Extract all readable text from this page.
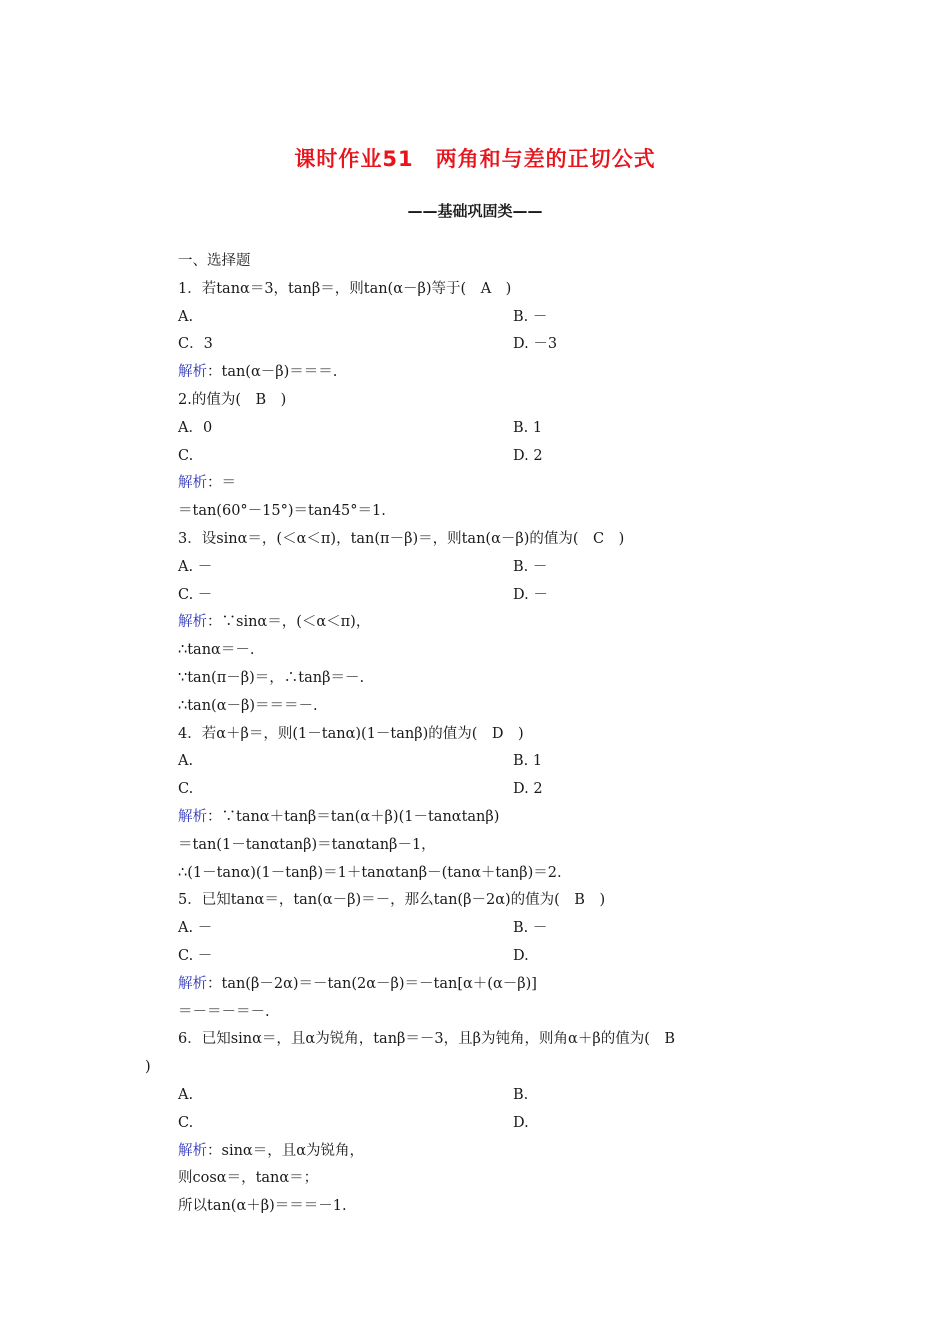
课时作业51　两角和与差的正切公式
——基础巩固类——
一、选择题
1．若tanα＝3，tanβ＝，则tan(α－β)等于(　A　)
A.	B. －
C．3	D. －3
解析：tan(α－β)＝＝＝.
2.的值为(　B　)
A．0	B. 1
C.	D. 2
解析：＝
＝tan(60°－15°)＝tan45°＝1.
3．设sinα＝，(＜α＜π)，tan(π－β)＝，则tan(α－β)的值为(　C　)
A. －	B. －
C. －	D. －
解析：∵sinα＝，(＜α＜π)，
∴tanα＝－.
∵tan(π－β)＝，∴tanβ＝－.
∴tan(α－β)＝＝＝－.
4．若α＋β＝，则(1－tanα)(1－tanβ)的值为(　D　)
A.	B. 1
C.	D. 2
解析：∵tanα＋tanβ＝tan(α＋β)(1－tanαtanβ)
＝tan(1－tanαtanβ)＝tanαtanβ－1，
∴(1－tanα)(1－tanβ)＝1＋tanαtanβ－(tanα＋tanβ)＝2.
5．已知tanα＝，tan(α－β)＝－，那么tan(β－2α)的值为(　B　)
A. －	B. －
C. －	D.
解析：tan(β－2α)＝－tan(2α－β)＝－tan[α＋(α－β)]
＝－＝－＝－.
6．已知sinα＝，且α为锐角，tanβ＝－3，且β为钝角，则角α＋β的值为(　B
)
A.	B.
C.	D.
解析：sinα＝，且α为锐角，
则cosα＝，tanα＝；
所以tan(α＋β)＝＝＝－1.
